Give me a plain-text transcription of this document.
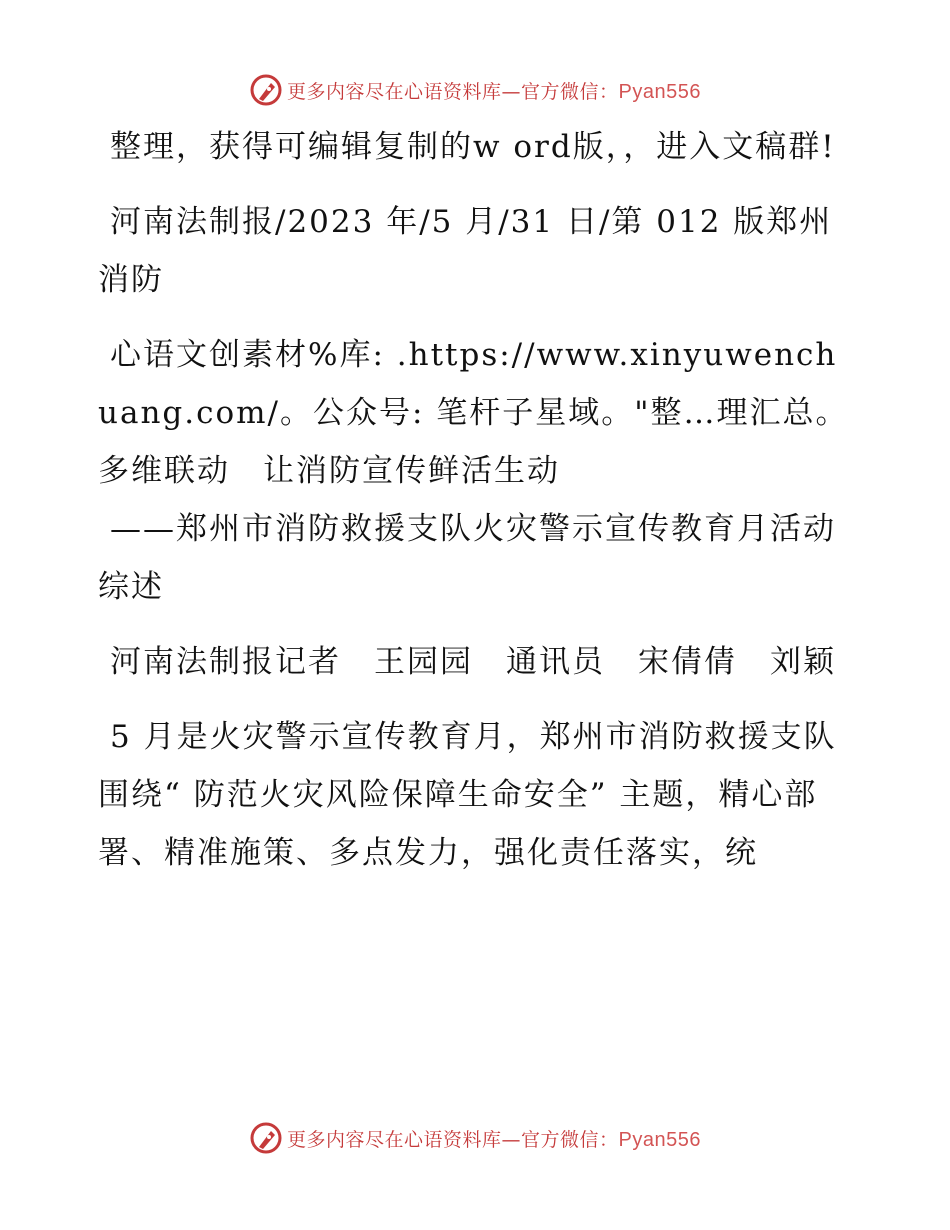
更多内容尽在心语资料库—官方微信：Pyan556

整理，获得可编辑复制的w ord版，，进入文稿群!

河南法制报/2023 年/5 月/31 日/第 012 版郑州消防

心语文创素材%库: .https://www.xinyuwenchuang.com/。公众号: 笔杆子星域。"整…理汇总。多维联动　让消防宣传鲜活生动

——郑州市消防救援支队火灾警示宣传教育月活动综述

河南法制报记者　王园园　通讯员　宋倩倩　刘颖

5 月是火灾警示宣传教育月，郑州市消防救援支队围绕“ 防范火灾风险保障生命安全” 主题，精心部署、精准施策、多点发力，强化责任落实，统

更多内容尽在心语资料库—官方微信：Pyan556
